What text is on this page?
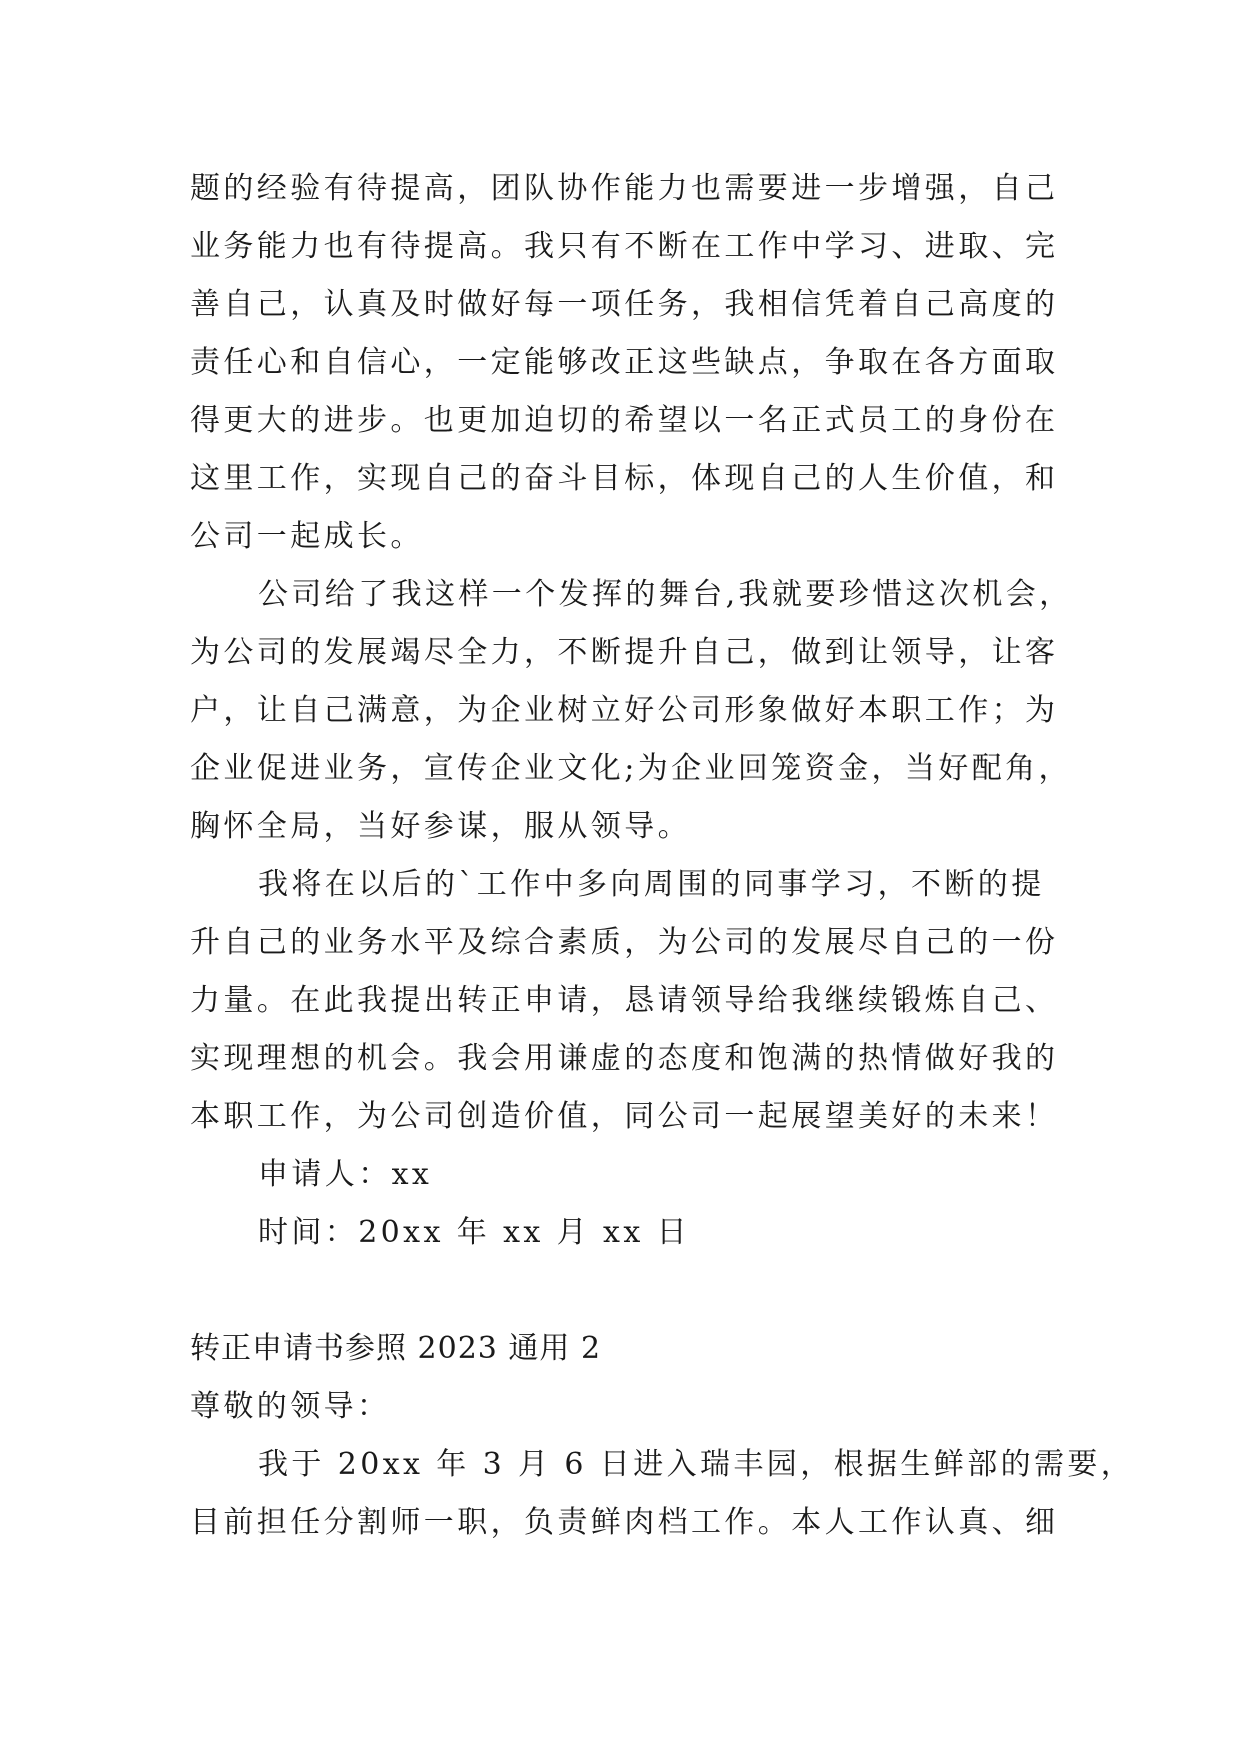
题的经验有待提高，团队协作能力也需要进一步增强，自己
业务能力也有待提高。我只有不断在工作中学习、进取、完
善自己，认真及时做好每一项任务，我相信凭着自己高度的
责任心和自信心，一定能够改正这些缺点，争取在各方面取
得更大的进步。也更加迫切的希望以一名正式员工的身份在
这里工作，实现自己的奋斗目标，体现自己的人生价值，和
公司一起成长。
公司给了我这样一个发挥的舞台,我就要珍惜这次机会，
为公司的发展竭尽全力，不断提升自己，做到让领导，让客
户，让自己满意，为企业树立好公司形象做好本职工作；为
企业促进业务，宣传企业文化;为企业回笼资金，当好配角，
胸怀全局，当好参谋，服从领导。
我将在以后的`工作中多向周围的同事学习，不断的提
升自己的业务水平及综合素质，为公司的发展尽自己的一份
力量。在此我提出转正申请，恳请领导给我继续锻炼自己、
实现理想的机会。我会用谦虚的态度和饱满的热情做好我的
本职工作，为公司创造价值，同公司一起展望美好的未来！
申请人：xx
时间：20xx 年 xx 月 xx 日
转正申请书参照 2023 通用 2
尊敬的领导：
我于 20xx 年 3 月 6 日进入瑞丰园，根据生鲜部的需要，
目前担任分割师一职，负责鲜肉档工作。本人工作认真、细
